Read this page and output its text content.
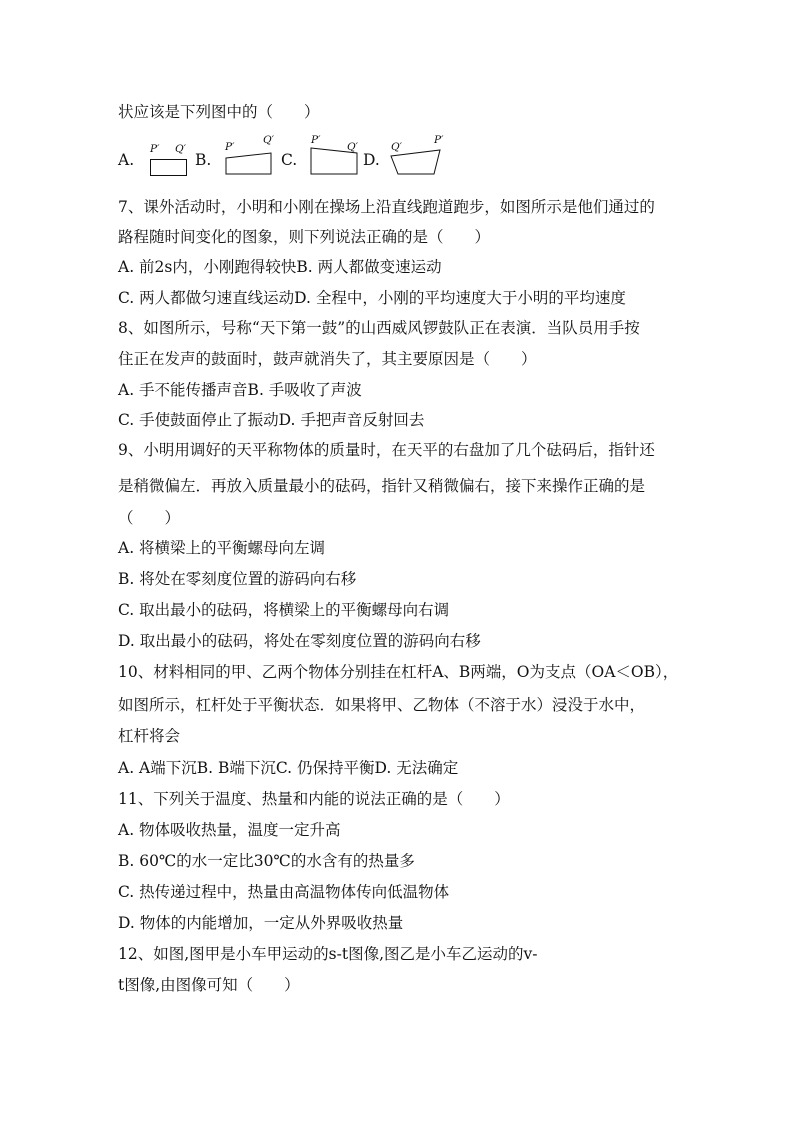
状应该是下列图中的（　　）
A.
P′ Q′
B.
P′
Q′
C.
P′
Q′
D.
Q′
P′
7、课外活动时，小明和小刚在操场上沿直线跑道跑步，如图所示是他们通过的
路程随时间变化的图象，则下列说法正确的是（　　）
A. 前2s内，小刚跑得较快B. 两人都做变速运动
C. 两人都做匀速直线运动D. 全程中，小刚的平均速度大于小明的平均速度
8、如图所示，号称“天下第一鼓”的山西威风锣鼓队正在表演．当队员用手按
住正在发声的鼓面时，鼓声就消失了，其主要原因是（　　）
A. 手不能传播声音B. 手吸收了声波
C. 手使鼓面停止了振动D. 手把声音反射回去
9、小明用调好的天平称物体的质量时，在天平的右盘加了几个砝码后，指针还
是稍微偏左．再放入质量最小的砝码，指针又稍微偏右，接下来操作正确的是
（　　）
A. 将横梁上的平衡螺母向左调
B. 将处在零刻度位置的游码向右移
C. 取出最小的砝码，将横梁上的平衡螺母向右调
D. 取出最小的砝码，将处在零刻度位置的游码向右移
10、材料相同的甲、乙两个物体分别挂在杠杆A、B两端，O为支点（OA＜OB），
如图所示，杠杆处于平衡状态．如果将甲、乙物体（不溶于水）浸没于水中，
杠杆将会
A. A端下沉B. B端下沉C. 仍保持平衡D. 无法确定
11、下列关于温度、热量和内能的说法正确的是（　　）
A. 物体吸收热量，温度一定升高
B. 60℃的水一定比30℃的水含有的热量多
C. 热传递过程中，热量由高温物体传向低温物体
D. 物体的内能增加，一定从外界吸收热量
12、如图,图甲是小车甲运动的s-t图像,图乙是小车乙运动的v-
t图像,由图像可知（　　）
